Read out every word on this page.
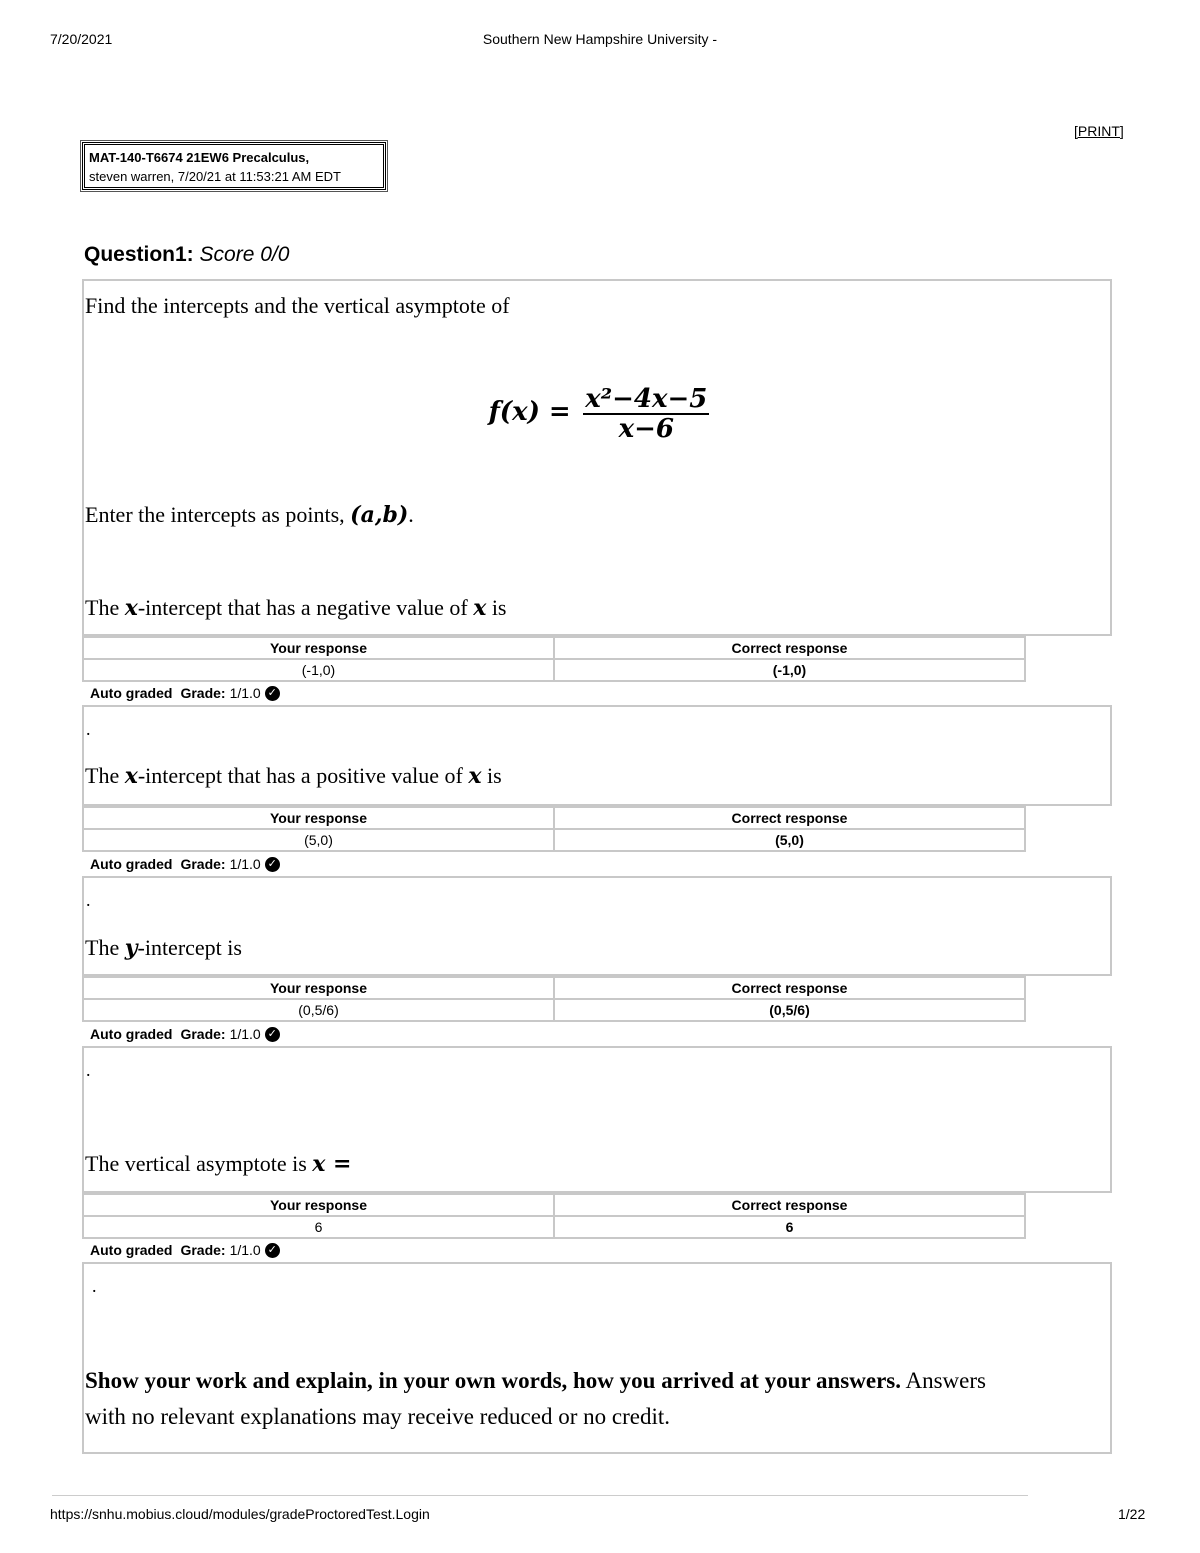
7/20/2021	Southern New Hampshire University -
[PRINT]
MAT-140-T6674 21EW6 Precalculus,
steven warren, 7/20/21 at 11:53:21 AM EDT
Question1: Score 0/0
Find the intercepts and the vertical asymptote of
$f(x) = \frac{\text{x²−4x−5}}{x-6}$
Enter the intercepts as points, (a,b).
The x-intercept that has a negative value of x is
Your response	Correct response
(-1,0)	(-1,0)
Auto graded Grade: 1/1.0 ✓
.
The x-intercept that has a positive value of x is
Your response	Correct response
(5,0)	(5,0)
Auto graded Grade: 1/1.0 ✓
.
The y-intercept is
Your response	Correct response
(0,5/6)	(0,5/6)
Auto graded Grade: 1/1.0 ✓
.
The vertical asymptote is x =
Your response	Correct response
6	6
Auto graded Grade: 1/1.0 ✓
.
Show your work and explain, in your own words, how you arrived at your answers. Answers
with no relevant explanations may receive reduced or no credit.
https://snhu.mobius.cloud/modules/gradeProctoredTest.Login	1/22
